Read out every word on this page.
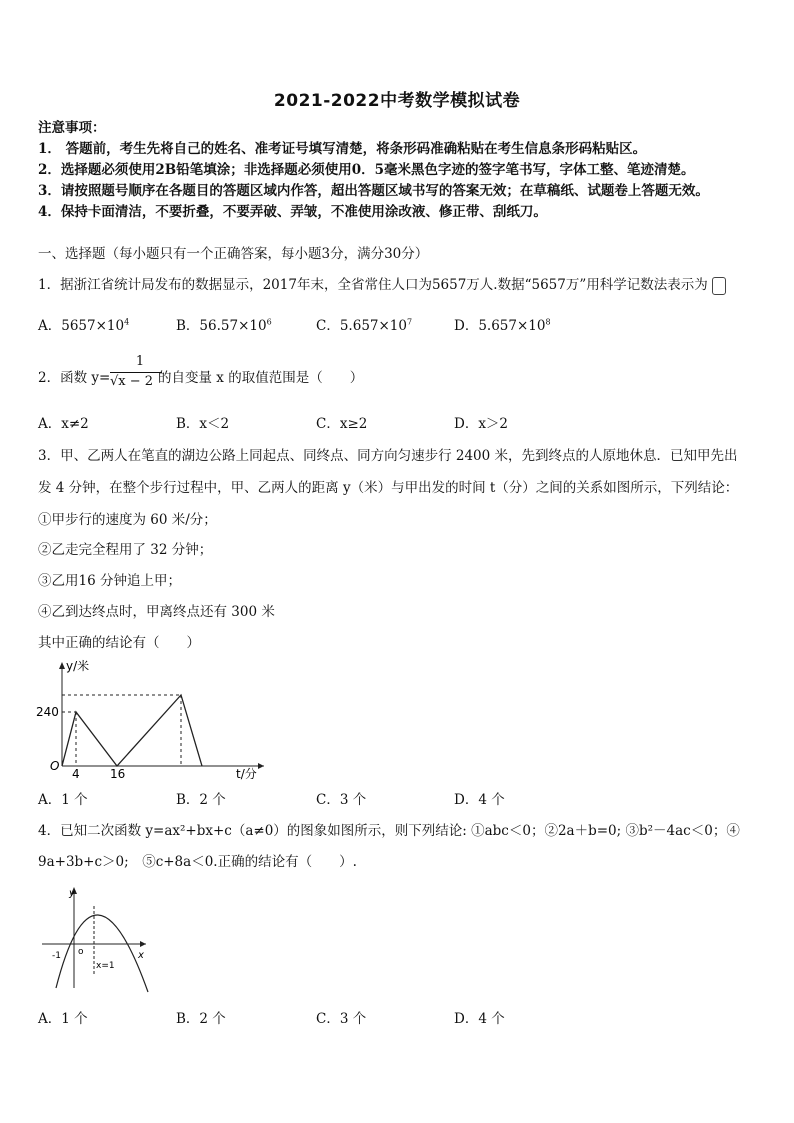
2021-2022中考数学模拟试卷
注意事项：
1． 答题前，考生先将自己的姓名、准考证号填写清楚，将条形码准确粘贴在考生信息条形码粘贴区。
2．选择题必须使用2B铅笔填涂；非选择题必须使用0．5毫米黑色字迹的签字笔书写，字体工整、笔迹清楚。
3．请按照题号顺序在各题目的答题区域内作答，超出答题区域书写的答案无效；在草稿纸、试题卷上答题无效。
4．保持卡面清洁，不要折叠，不要弄破、弄皱，不准使用涂改液、修正带、刮纸刀。
一、选择题（每小题只有一个正确答案，每小题3分，满分30分）
1．据浙江省统计局发布的数据显示，2017年末，全省常住人口为5657万人.数据“5657万”用科学记数法表示为
A．$5657\times 10^4$	B．$56.57\times 10^6$	C．$5.657\times 10^7$	D．$5.657\times 10^8$
2．函数 y=
1
√x − 2 的自变量 x 的取值范围是（　　）
A．x≠2	B．x＜2	C．x≥2	D．x＞2
3．甲、乙两人在笔直的湖边公路上同起点、同终点、同方向匀速步行 2400 米，先到终点的人原地休息．已知甲先出
发 4 分钟，在整个步行过程中，甲、乙两人的距离 y（米）与甲出发的时间 t（分）之间的关系如图所示，下列结论：
①甲步行的速度为 60 米/分；
②乙走完全程用了 32 分钟；
③乙用16 分钟追上甲；
④乙到达终点时，甲离终点还有 300 米
其中正确的结论有（　　）
y/米
t/分
O
240
4	16
A．1 个	B．2 个	C．3 个	D．4 个
4．已知二次函数 y=ax²+bx+c（a≠0）的图象如图所示，则下列结论: ①abc＜0；②2a＋b=0; ③b²－4ac＜0；④
9a+3b+c＞0;　⑤c+8a＜0.正确的结论有（　　）.
y
x
o
-1
x=1
A．1 个	B．2 个	C．3 个	D．4 个
